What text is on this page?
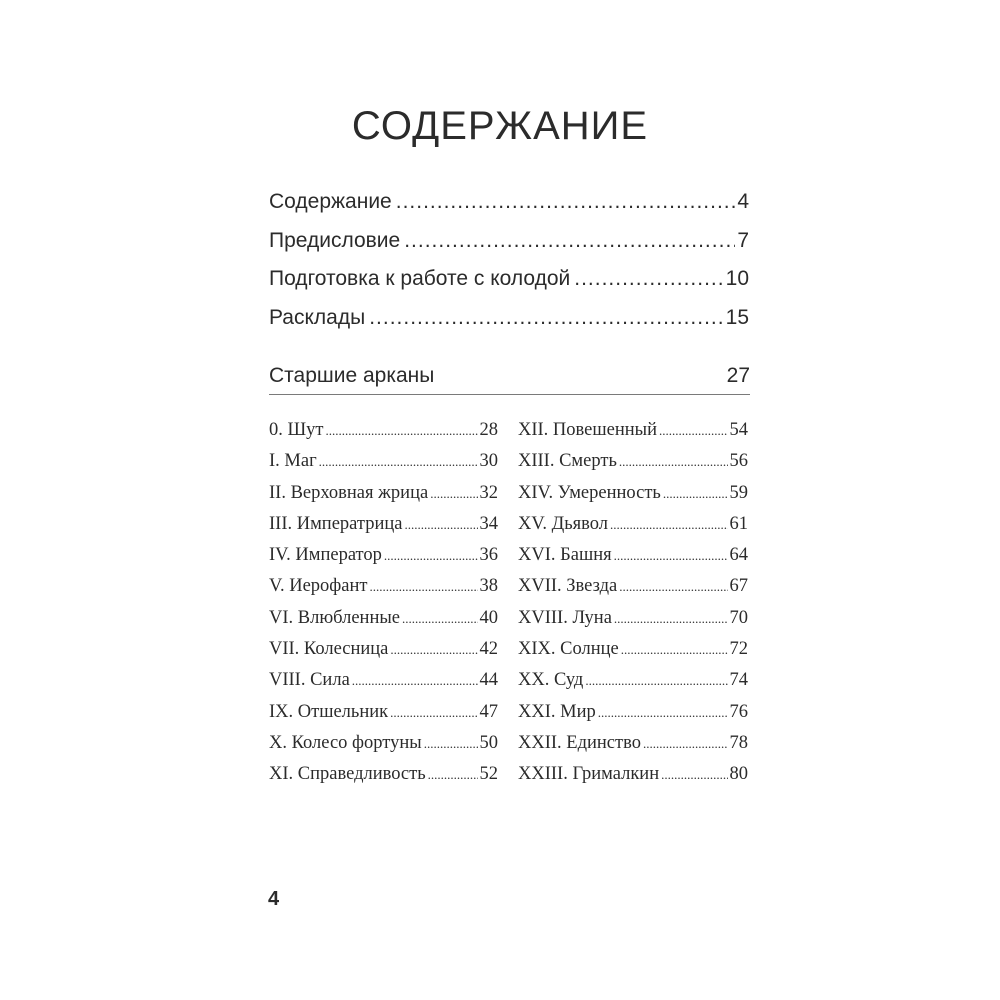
СОДЕРЖАНИЕ
Содержание .....	4
Предисловие .....	7
Подготовка к работе с колодой .....	10
Расклады .....	15
Старшие арканы	27
0. Шут .....	28
I. Маг .....	30
II. Верховная жрица .....	32
III. Императрица .....	34
IV. Император .....	36
V. Иерофант .....	38
VI. Влюбленные .....	40
VII. Колесница .....	42
VIII. Сила .....	44
IX. Отшельник .....	47
X. Колесо фортуны .....	50
XI. Справедливость .....	52
XII. Повешенный .....	54
XIII. Смерть .....	56
XIV. Умеренность .....	59
XV. Дьявол .....	61
XVI. Башня .....	64
XVII. Звезда .....	67
XVIII. Луна .....	70
XIX. Солнце .....	72
XX. Суд .....	74
XXI. Мир .....	76
XXII. Единство .....	78
XXIII. Грималкин .....	80
4
